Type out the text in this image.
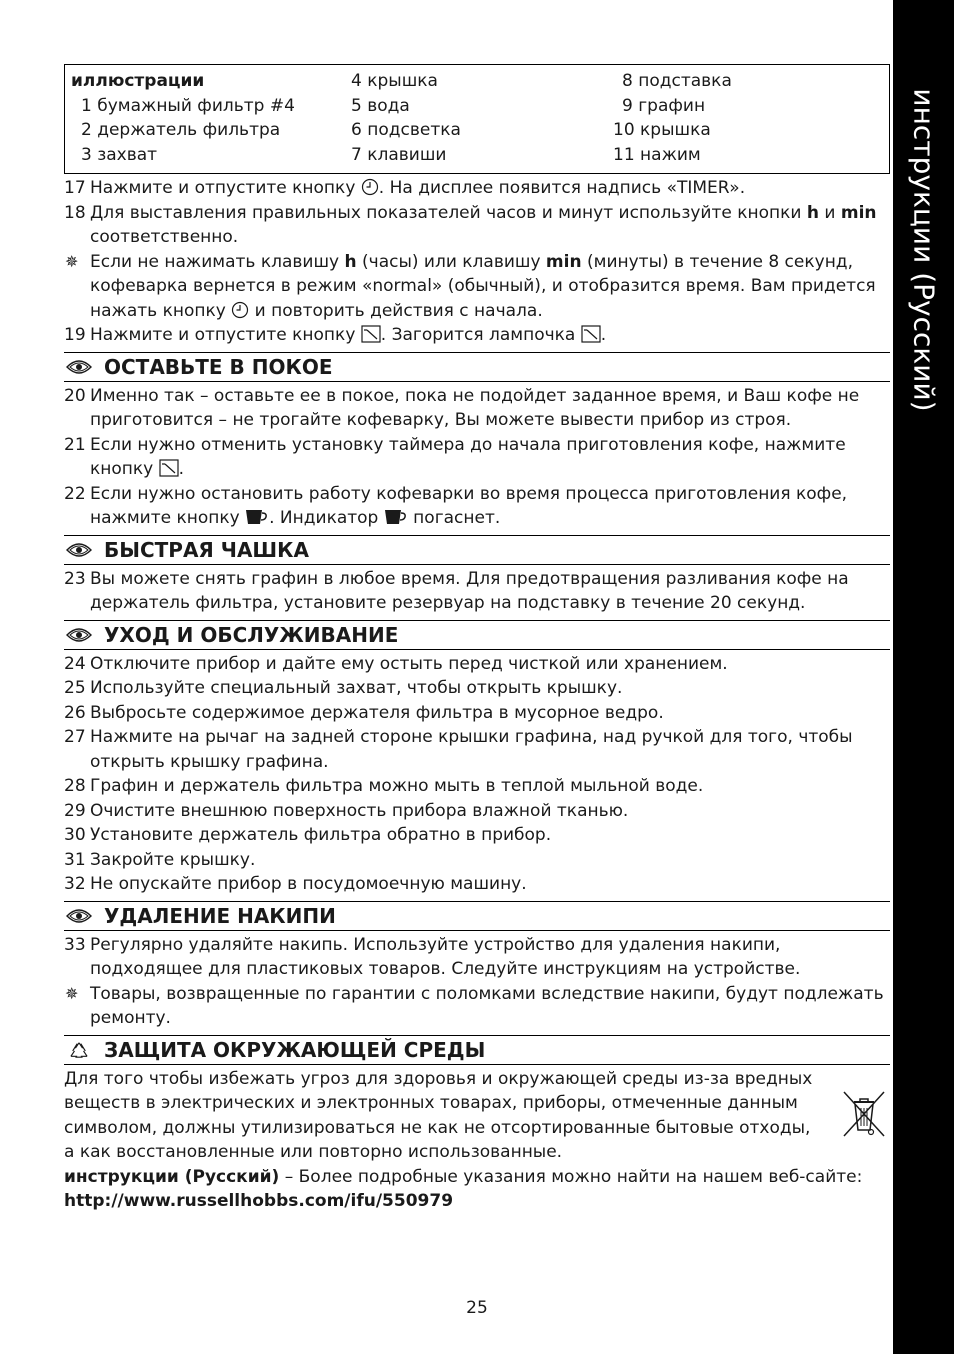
инструкции (Русский)
иллюстрации
1 бумажный фильтр #4
2 держатель фильтра
3 захват
4 крышка
5 вода
6 подсветка
7 клавиши
8 подставка
9 графин
10 крышка
11 нажим
17 Нажмите и отпустите кнопку . На дисплее появится надпись «TIMER».
18 Для выставления правильных показателей часов и минут используйте кнопки h и min соответственно.
✵ Если не нажимать клавишу h (часы) или клавишу min (минуты) в течение 8 секунд, кофеварка вернется в режим «normal» (обычный), и отобразится время. Вам придется нажать кнопку и повторить действия с начала.
19 Нажмите и отпустите кнопку . Загорится лампочка .
ОСТАВЬТЕ В ПОКОЕ
20 Именно так – оставьте ее в покое, пока не подойдет заданное время, и Ваш кофе не приготовится – не трогайте кофеварку, Вы можете вывести прибор из строя.
21 Если нужно отменить установку таймера до начала приготовления кофе, нажмите кнопку .
22 Если нужно остановить работу кофеварки во время процесса приготовления кофе, нажмите кнопку . Индикатор погаснет.
БЫСТРАЯ ЧАШКА
23 Вы можете снять графин в любое время. Для предотвращения разливания кофе на держатель фильтра, установите резервуар на подставку в течение 20 секунд.
УХОД И ОБСЛУЖИВАНИЕ
24 Отключите прибор и дайте ему остыть перед чисткой или хранением.
25 Используйте специальный захват, чтобы открыть крышку.
26 Выбросьте содержимое держателя фильтра в мусорное ведро.
27 Нажмите на рычаг на задней стороне крышки графина, над ручкой для того, чтобы открыть крышку графина.
28 Графин и держатель фильтра можно мыть в теплой мыльной воде.
29 Очистите внешнюю поверхность прибора влажной тканью.
30 Установите держатель фильтра обратно в прибор.
31 Закройте крышку.
32 Не опускайте прибор в посудомоечную машину.
УДАЛЕНИЕ НАКИПИ
33 Регулярно удаляйте накипь. Используйте устройство для удаления накипи, подходящее для пластиковых товаров. Следуйте инструкциям на устройстве.
✵ Товары, возвращенные по гарантии с поломками вследствие накипи, будут подлежать ремонту.
ЗАЩИТА ОКРУЖАЮЩЕЙ СРЕДЫ
Для того чтобы избежать угроз для здоровья и окружающей среды из-за вредных веществ в электрических и электронных товарах, приборы, отмеченные данным символом, должны утилизироваться не как не отсортированные бытовые отходы, а как восстановленные или повторно использованные.
инструкции (Русский) – Более подробные указания можно найти на нашем веб-сайте:
http://www.russellhobbs.com/ifu/550979
25
